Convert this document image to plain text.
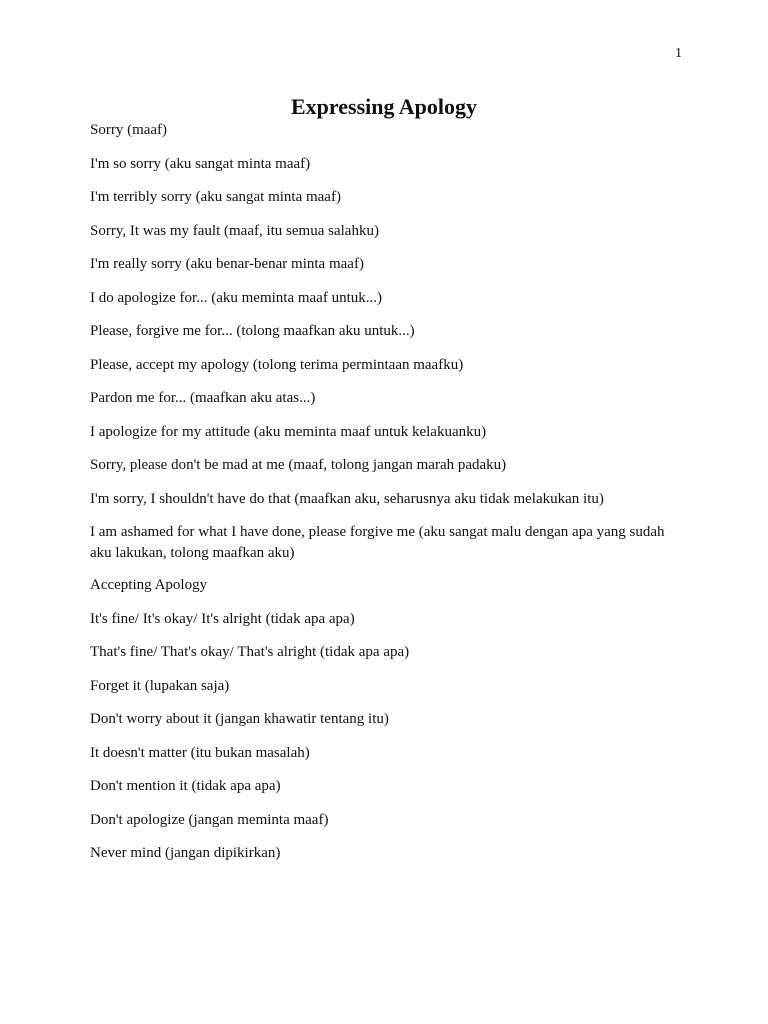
1
Expressing Apology
Sorry (maaf)
I'm so sorry (aku sangat minta maaf)
I'm terribly sorry (aku sangat minta maaf)
Sorry, It was my fault (maaf, itu semua salahku)
I'm really sorry (aku benar-benar minta maaf)
I do apologize for... (aku meminta maaf untuk...)
Please, forgive me for... (tolong maafkan aku untuk...)
Please, accept my apology (tolong terima permintaan maafku)
Pardon me for... (maafkan aku atas...)
I apologize for my attitude (aku meminta maaf untuk kelakuanku)
Sorry, please don't be mad at me (maaf, tolong jangan marah padaku)
I'm sorry, I shouldn't have do that (maafkan aku, seharusnya aku tidak melakukan itu)
I am ashamed for what I have done, please forgive me (aku sangat malu dengan apa yang sudah aku lakukan, tolong maafkan aku)
Accepting Apology
It's fine/ It's okay/ It's alright (tidak apa apa)
That's fine/ That's okay/ That's alright (tidak apa apa)
Forget it (lupakan saja)
Don't worry about it (jangan khawatir tentang itu)
It doesn't matter (itu bukan masalah)
Don't mention it (tidak apa apa)
Don't apologize (jangan meminta maaf)
Never mind (jangan dipikirkan)
